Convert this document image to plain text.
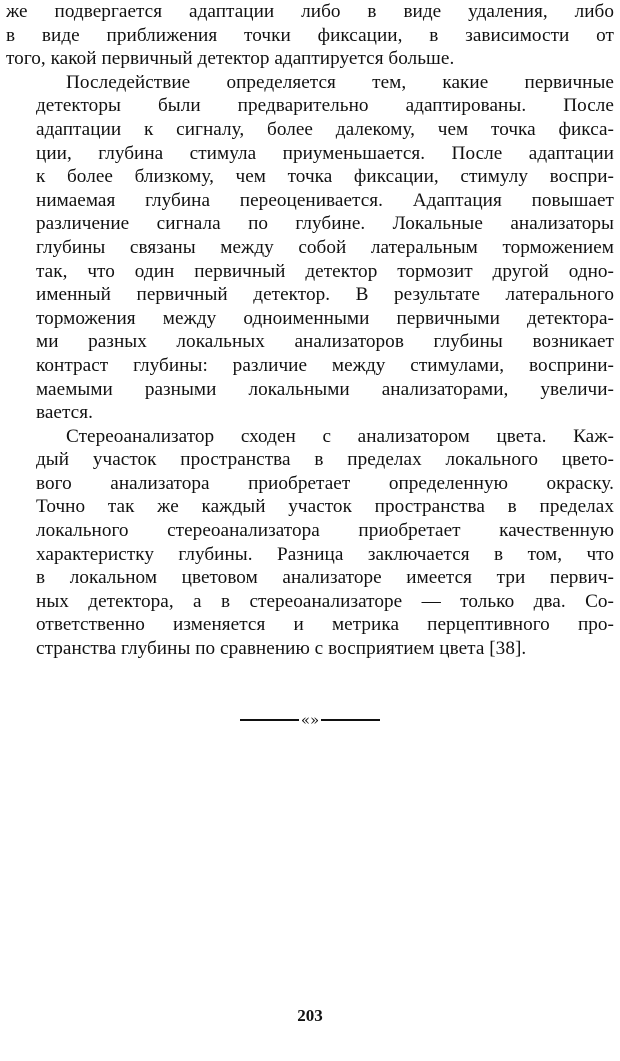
же подвергается адаптации либо в виде удаления, либо
в виде приближения точки фиксации, в зависимости от
того, какой первичный детектор адаптируется больше.
Последействие определяется тем, какие первичные
детекторы были предварительно адаптированы. После
адаптации к сигналу, более далекому, чем точка фикса-
ции, глубина стимула приуменьшается. После адаптации
к более близкому, чем точка фиксации, стимулу воспри-
нимаемая глубина переоценивается. Адаптация повышает
различение сигнала по глубине. Локальные анализаторы
глубины связаны между собой латеральным торможением
так, что один первичный детектор тормозит другой одно-
именный первичный детектор. В результате латерального
торможения между одноименными первичными детектора-
ми разных локальных анализаторов глубины возникает
контраст глубины: различие между стимулами, восприни-
маемыми разными локальными анализаторами, увеличи-
вается.
Стереоанализатор сходен с анализатором цвета. Каж-
дый участок пространства в пределах локального цвето-
вого анализатора приобретает определенную окраску.
Точно так же каждый участок пространства в пределах
локального стереоанализатора приобретает качественную
характеристку глубины. Разница заключается в том, что
в локальном цветовом анализаторе имеется три первич-
ных детектора, а в стереоанализаторе — только два. Со-
ответственно изменяется и метрика перцептивного про-
странства глубины по сравнению с восприятием цвета [38].
«»
203
